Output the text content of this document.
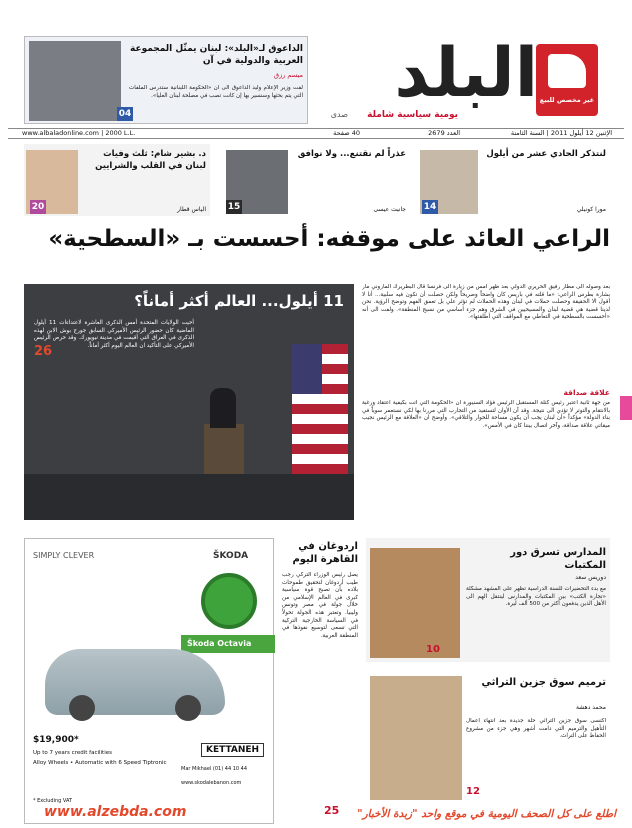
غير مخصص للبيع
البلد
يومية سياسية شاملة
صدى
الإثنين 12 أيلول 2011 | السنة الثامنة
العدد 2679
40 صفحة
www.albaladonline.com | 2000 L.L.
04
الداعوق لـ«البلد»: لبنان يمثّل المجموعة العربية والدولية في آن
ميسم رزق
لفت وزير الإعلام وليد الداعوق الى أن «الحكومة اللبنانية ستدرس الملفات التي يتم بحثها وسنسير بها إن كانت تصب في مصلحة لبنان العليا».
20
د. بشير شام: ثلث وفيات لبنان في القلب والشرايين
الياس قطار 15
عذراً لم نقتنع... ولا نوافق
جانيت عيسى 14
لنتذكر الحادي عشر من أيلول
مورا كونيلي
الراعي العائد على موقفه: أحسست بـ «السطحية»
بعد وصوله الى مطار رفيق الحريري الدولي بعد ظهر أمس من زيارة الى فرنسا قال البطريرك الماروني مار بشارة بطرس الراعي: «ما قلته في باريس كان واضحاً وصريحاً ولكن حصلت أن تكون فيه سلبية... أنا لا أقول الا الحقيقة وحصلت حملات في لبنان وهذه الحملات لم تؤثر علي بل تعمق الفهم وتوضح الرؤية. نحن لدينا قضية هي قضية لبنان والمسيحيين في الشرق وهم جزء أساسي من نسيج المنطقة». ولفت الى أنه «أحسست بالسطحية في التعاطي مع المواقف التي أطلقتها».
علاقة صداقة
من جهة ثانية اعتبر رئيس كتلة المستقبل الرئيس فؤاد السنيورة أن «الحكومة التي أتت بكيفية اعتقاد ورغبة بالانتقام والتوتر لا تؤدي الى نتيجة. وقد آن الأوان لتستفيد من التجارب التي مررنا بها لكي نستعمر سوياً في بناء الدولة» مؤكداً «أن لبنان يجب أن يكون مساحة للحوار والتلاقي». وأوضح ان «العلاقة مع الرئيس نجيب ميقاتي علاقة صداقة، وآخر اتصال بيننا كان في الأمس».
11 أيلول... العالم أكثر أماناً؟
أحيت الولايات المتحدة أمس الذكرى العاشرة لاعتداءات 11 أيلول الماضية كان حضور الرئيس الأميركي السابق جورج بوش الابن لهذه الذكرى في العراق التي أقيمت في مدينة نيويورك. وقد حرص الرئيس الأميركي على التأكيد ان العالم اليوم أكثر أماناً.
26
SIMPLY CLEVER	ŠKODA
Škoda Octavia
$19,900*
Up to 7 years credit facilities
Alloy Wheels • Automatic with 6 Speed Tiptronic
KETTANEH
Mar Mikhael (01) 44 10 44
www.skodalebanon.com
* Excluding VAT
اردوغان في القاهرة اليوم
يصل رئيس الوزراء التركي رجب طيب أردوغان لتحقيق طموحات بلاده بأن تصبح قوة سياسية كبرى في العالم الإسلامي من خلال جولة في مصر وتونس وليبيا. وتعتبر هذه الجولة تحولاً في السياسة الخارجية التركية التي تسعى لتوسيع نفوذها في المنطقة العربية.
25
المدارس تسرق دور المكتبات
دوريس سعد
مع بدء التحضيرات للسنة الدراسية تظهر على المشهد مشكلة «تجارة الكتب» بين المكتبات والمدارس لينتقل الهم الى الأهل الذين يدفعون أكثر من 500 ألف ليرة.
10
ترميم سوق جزين التراثي
محمد دهشة
اكتسى سوق جزين التراثي حلة جديدة بعد انتهاء أعمال التأهيل والترميم التي دامت أشهر وهي جزء من مشروع الحفاظ على التراث.
12
www.alzebda.com	اطلع على كل الصحف اليومية في موقع واحد "زبدة الأخبار"
